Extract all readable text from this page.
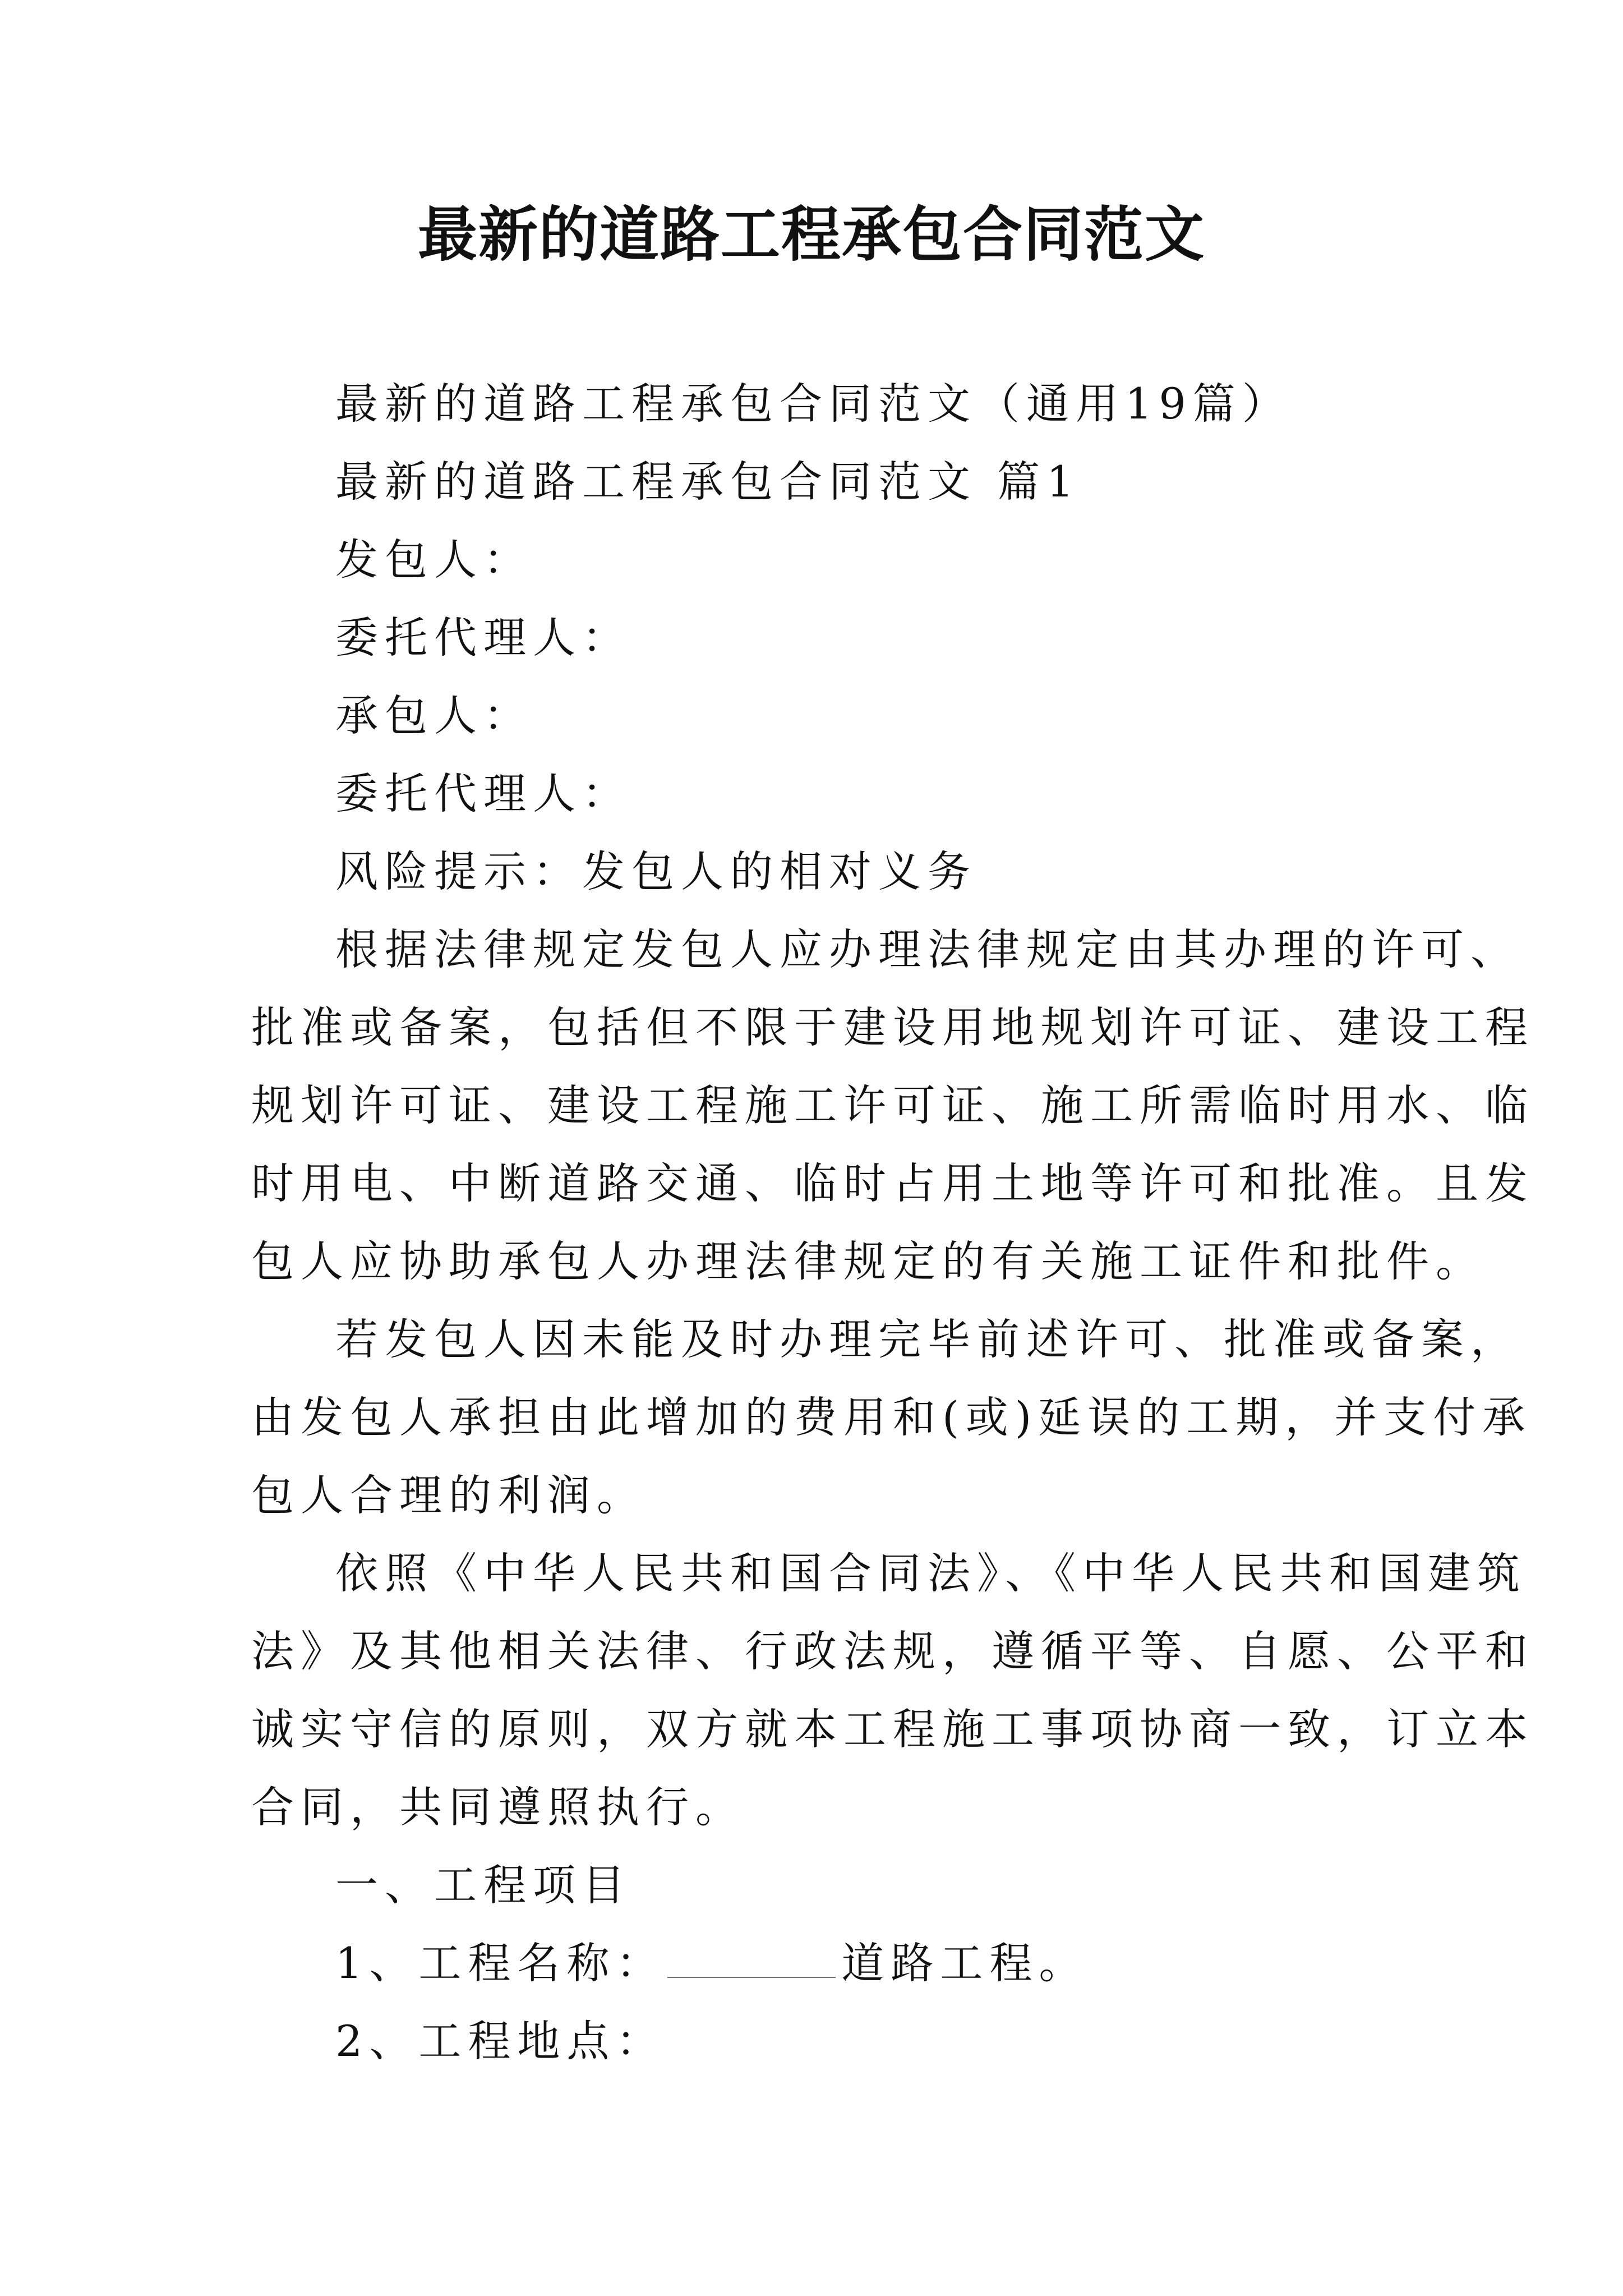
最新的道路工程承包合同范文

最新的道路工程承包合同范文（通用19篇）

最新的道路工程承包合同范文 篇1

发包人：

委托代理人：

承包人：

委托代理人：

风险提示：发包人的相对义务

根据法律规定发包人应办理法律规定由其办理的许可、

批准或备案，包括但不限于建设用地规划许可证、建设工程

规划许可证、建设工程施工许可证、施工所需临时用水、临

时用电、中断道路交通、临时占用土地等许可和批准。且发

包人应协助承包人办理法律规定的有关施工证件和批件。

若发包人因未能及时办理完毕前述许可、批准或备案，

由发包人承担由此增加的费用和(或)延误的工期，并支付承

包人合理的利润。

依照《中华人民共和国合同法》、《中华人民共和国建筑

法》及其他相关法律、行政法规，遵循平等、自愿、公平和

诚实守信的原则，双方就本工程施工事项协商一致，订立本

合同，共同遵照执行。

一、工程项目

1、工程名称：	道路工程。

2、工程地点：
